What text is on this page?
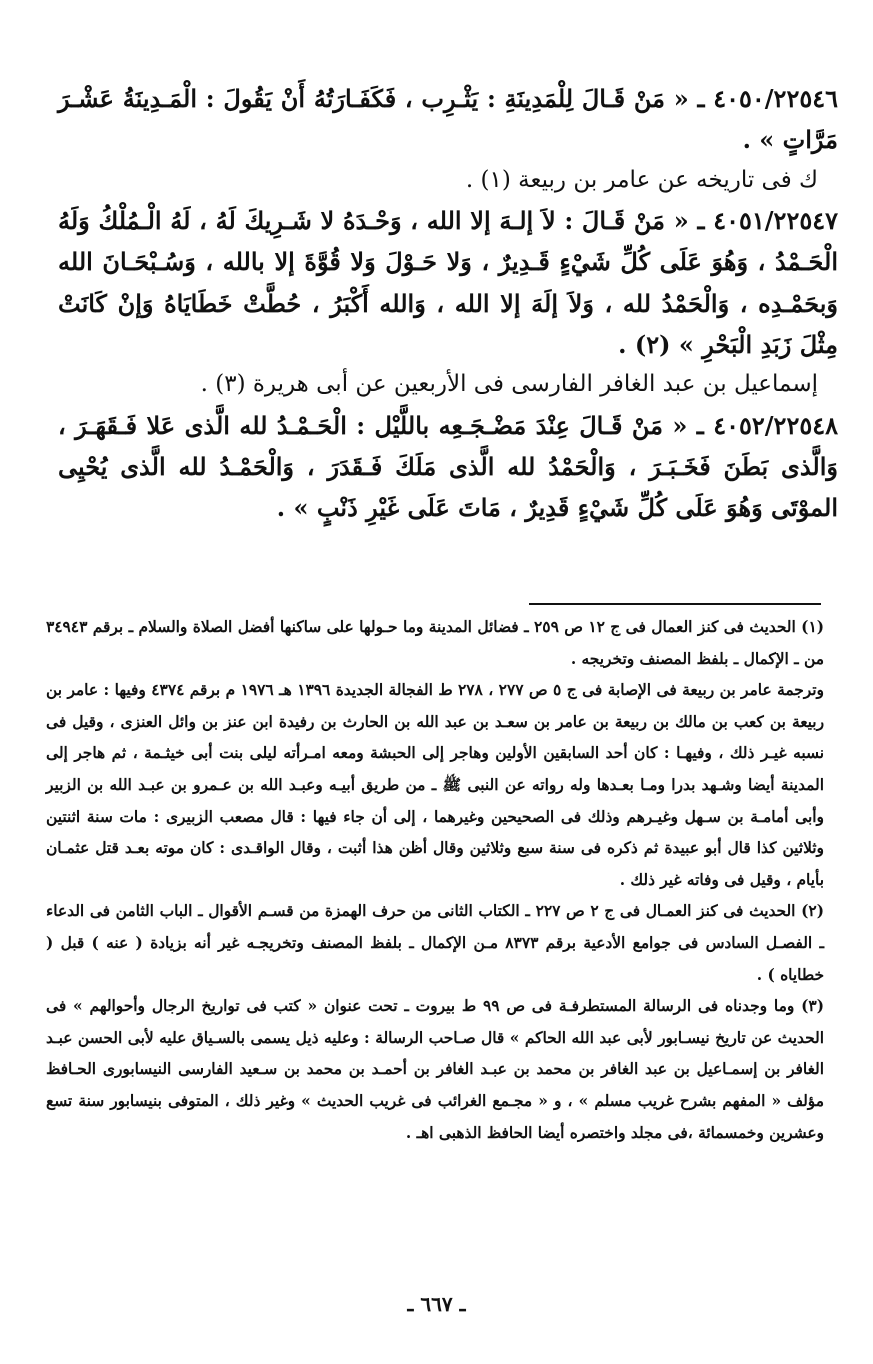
٤٠٥٠/٢٢٥٤٦ ـ « مَنْ قَـالَ لِلْمَدِينَةِ : يَثْـرِب ، فَكَفَـارَتُهُ أَنْ يَقُولَ : الْمَـدِينَةُ عَشْـرَ مَرَّاتٍ » .

ك فى تاريخه عن عامر بن ربيعة (١) .

٤٠٥١/٢٢٥٤٧ ـ « مَنْ قَـالَ : لاَ إلـهَ إلا الله ، وَحْـدَهُ لا شَـرِيكَ لَهُ ، لَهُ الْـمُلْكُ وَلَهُ الْحَـمْدُ ، وَهُوَ عَلَى كُلِّ شَيْءٍ قَـدِيرٌ ، وَلا حَـوْلَ وَلا قُوَّةَ إلا بالله ، وَسُـبْحَـانَ الله وَبحَمْـدِه ، وَالْحَمْدُ لله ، وَلاَ إلَهَ إلا الله ، وَالله أَكْبَرُ ، حُطَّتْ خَطَايَاهُ وَإنْ كَانَتْ مِثْلَ زَبَدِ الْبَحْرِ » (٢) .

إسماعيل بن عبد الغافر الفارسى فى الأربعين عن أبى هريرة (٣) .

٤٠٥٢/٢٢٥٤٨ ـ « مَنْ قَـالَ عِنْدَ مَضْـجَـعِه باللَّيْل : الْحَـمْـدُ لله الَّذى عَلا فَـقَهَـرَ ، وَالَّذى بَطَنَ فَخَـبَـرَ ، وَالْحَمْدُ لله الَّذى مَلَكَ فَـقَدَرَ ، وَالْحَمْـدُ لله الَّذى يُحْيِى الموْتَى وَهُوَ عَلَى كُلِّ شَيْءٍ قَدِيرٌ ، مَاتَ عَلَى غَيْرِ ذَنْبٍ » .

(١) الحديث فى كنز العمال فى ج ١٢ ص ٢٥٩ ـ فضائل المدينة وما حـولها على ساكنها أفضل الصلاة والسلام ـ برقم ٣٤٩٤٣ من ـ الإكمال ـ بلفظ المصنف وتخريجه .

وترجمة عامر بن ربيعة فى الإصابة فى ج ٥ ص ٢٧٧ ، ٢٧٨ ط الفجالة الجديدة ١٣٩٦ هـ ١٩٧٦ م برقم ٤٣٧٤ وفيها : عامر بن ربيعة بن كعب بن مالك بن ربيعة بن عامر بن سعـد بن عبد الله بن الحارث بن رفيدة ابن عنز بن وائل العنزى ، وقيل فى نسبه غيـر ذلك ، وفيهـا : كان أحد السابقين الأولين وهاجر إلى الحبشة ومعه امـرأته ليلى بنت أبى خيثـمة ، ثم هاجر إلى المدينة أيضا وشـهد بدرا ومـا بعـدها وله رواته عن النبى ﷺ ـ من طريق أبيـه وعبـد الله بن عـمرو بن عبـد الله بن الزبير وأبى أمامـة بن سـهل وغيـرهم وذلك فى الصحيحين وغيرهما ، إلى أن جاء فيها : قال مصعب الزبيرى : مات سنة اثنتين وثلاثين كذا قال أبو عبيدة ثم ذكره فى سنة سبع وثلاثين وقال أظن هذا أثبت ، وقال الواقـدى : كان موته بعـد قتل عثمـان بأيام ، وقيل فى وفاته غير ذلك .

(٢) الحديث فى كنز العمـال فى ج ٢ ص ٢٢٧ ـ الكتاب الثانى من حرف الهمزة من قسـم الأقوال ـ الباب الثامن فى الدعاء ـ الفصـل السادس فى جوامع الأدعية برقم ٨٣٧٣ مـن الإكمال ـ بلفظ المصنف وتخريجـه غير أنه بزيادة ( عنه ) قبل ( خطاياه ) .

(٣) وما وجدناه فى الرسالة المستطرفـة فى ص ٩٩ ط بيروت ـ تحت عنوان « كتب فى تواريخ الرجال وأحوالهم » فى الحديث عن تاريخ نيسـابور لأبى عبد الله الحاكم » قال صـاحب الرسالة : وعليه ذيل يسمى بالسـياق عليه لأبى الحسن عبـد الغافر بن إسمـاعيل بن عبد الغافر بن محمد بن عبـد الغافر بن أحمـد بن محمد بن سـعيد الفارسى النيسابورى الحـافظ مؤلف « المفهم بشرح غريب مسلم » ، و « مجـمع الغرائب فى غريب الحديث » وغير ذلك ، المتوفى بنيسابور سنة تسع وعشرين وخمسمائة ،فى مجلد واختصره أيضا الحافظ الذهبى اهـ .

ـ ٦٦٧ ـ
